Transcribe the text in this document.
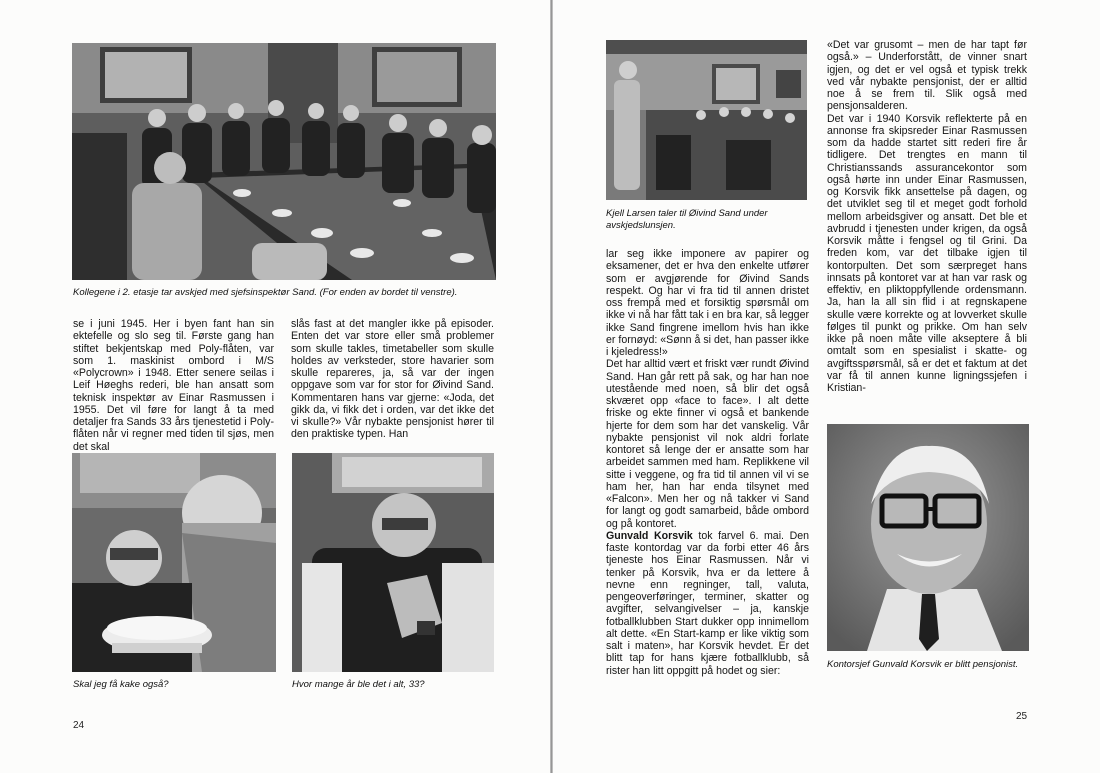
Kollegene i 2. etasje tar avskjed med sjefsinspektør Sand. (For enden av bordet til venstre).

se i juni 1945. Her i byen fant han sin ektefelle og slo seg til. Første gang han stiftet bekjentskap med Poly-flåten, var som 1. maskinist ombord i M/S «Polycrown» i 1948. Etter senere seilas i Leif Høeghs rederi, ble han ansatt som teknisk inspektør av Einar Rasmussen i 1955. Det vil føre for langt å ta med detaljer fra Sands 33 års tjenestetid i Poly-flåten når vi regner med tiden til sjøs, men det skal

slås fast at det mangler ikke på episoder. Enten det var store eller små problemer som skulle takles, timetabeller som skulle holdes av verksteder, store havarier som skulle repareres, ja, så var der ingen oppgave som var for stor for Øivind Sand. Kommentaren hans var gjerne: «Joda, det gikk da, vi fikk det i orden, var det ikke det vi skulle?» Vår nybakte pensjonist hører til den praktiske typen. Han

Skal jeg få kake også?	Hvor mange år ble det i alt, 33?
24
Kjell Larsen taler til Øivind Sand under avskjedslunsjen.

lar seg ikke imponere av papirer og eksamener, det er hva den enkelte utfører som er avgjørende for Øivind Sands respekt. Og har vi fra tid til annen dristet oss frempå med et forsiktig spørsmål om ikke vi nå har fått tak i en bra kar, så legger ikke Sand fingrene imellom hvis han ikke er fornøyd: «Sønn å si det, han passer ikke i kjeledress!»

Det har alltid vært et friskt vær rundt Øivind Sand. Han går rett på sak, og har han noe utestående med noen, så blir det også skværet opp «face to face». I alt dette friske og ekte finner vi også et bankende hjerte for dem som har det vanskelig. Vår nybakte pensjonist vil nok aldri forlate kontoret så lenge der er ansatte som har arbeidet sammen med ham. Replikkene vil sitte i veggene, og fra tid til annen vil vi se ham her, han har enda tilsynet med «Falcon». Men her og nå takker vi Sand for langt og godt samarbeid, både ombord og på kontoret.

Gunvald Korsvik tok farvel 6. mai. Den faste kontordag var da forbi etter 46 års tjeneste hos Einar Rasmussen. Når vi tenker på Korsvik, hva er da lettere å nevne enn regninger, tall, valuta, pengeoverføringer, terminer, skatter og avgifter, selvangivelser – ja, kanskje fotballklubben Start dukker opp innimellom alt dette. «En Start-kamp er like viktig som salt i maten», har Korsvik hevdet. Er det blitt tap for hans kjære fotballklubb, så rister han litt oppgitt på hodet og sier:

«Det var grusomt – men de har tapt før også.» – Underforstått, de vinner snart igjen, og det er vel også et typisk trekk ved vår nybakte pensjonist, der er alltid noe å se frem til. Slik også med pensjonsalderen.

Det var i 1940 Korsvik reflekterte på en annonse fra skipsreder Einar Rasmussen som da hadde startet sitt rederi fire år tidligere. Det trengtes en mann til Christianssands assurancekontor som også hørte inn under Einar Rasmussen, og Korsvik fikk ansettelse på dagen, og det utviklet seg til et meget godt forhold mellom arbeidsgiver og ansatt. Det ble et avbrudd i tjenesten under krigen, da også Korsvik måtte i fengsel og til Grini. Da freden kom, var det tilbake igjen til kontorpulten. Det som særpreget hans innsats på kontoret var at han var rask og effektiv, en pliktoppfyllende ordensmann. Ja, han la all sin flid i at regnskapene skulle være korrekte og at lovverket skulle følges til punkt og prikke. Om han selv ikke på noen måte ville akseptere å bli omtalt som en spesialist i skatte- og avgiftsspørsmål, så er det et faktum at det var få til annen kunne ligningssjefen i Kristian-

Kontorsjef Gunvald Korsvik er blitt pensjonist.
25
